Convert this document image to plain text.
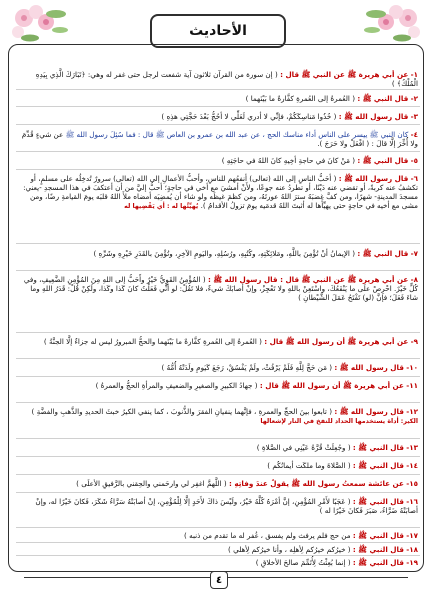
الأحاديث
١- عن أبي هريرة ﷺ عن النبي ﷺ قال : ( إن سورة من القرآن ثلاثون آية شفعت لرجل حتى غفر له وهي: ﴿تَبَارَكَ الَّذِي بِيَدِهِ الْمُلْكُ﴾ )
٢- قال النبي ﷺ : ( العُمرةُ إلى العُمرةِ كفَّارةٌ ما بَيْنَهما )
٣- قال رسول الله ﷺ : ( خُذُوا مَناسِكَكُمْ، فإنِّي لا أدري لَعَلِّي لا أحُجُّ بَعْدَ حَجَّتِي هذِهِ )
٤- كان النبي ﷺ ييسر على الناس أداء مناسك الحج ، عن عبد الله بن عمرو بن العاص ﷺ قال : فما سُئِلَ رسول الله ﷺ عن شيءٍ قُدِّمَ ولا أُخِّرَ إلَّا قالَ : ( افْعَلْ ولا حَرَجَ ).
٥- قال النبي ﷺ : ( مَنْ كانَ في حاجةِ أخِيهِ كانَ اللهُ في حاجَتِهِ )
٦- قال رسول الله ﷺ : ( أحَبُّ الناسِ إلى الله (تعالى) أنفعُهم للناسِ، وأحبُّ الأعمالِ إلى الله (تعالى) سرورٌ تُدخِلُه على مسلمٍ، أو تكشفُ عنه كربةً، أو تقضي عنه دَيْنًا، أو تطردُ عنه جوعًا، ولأَنْ أمشيَ مع أخي في حاجةٍ؛ أحبُّ إليَّ من أن أعتكفَ في هذا المسجدِ -يعني: مسجدَ المدينةِ- شهرًا، ومن كفَّ غضبَهُ سترَ اللهُ عورتَهُ، ومن كظمَ غيظَه ولو شاء أن يُمضِيَه أمضاه ملأَ اللهُ قلبَه يومَ القيامةِ رضًا، ومن مشى مع أخيه في حاجةٍ حتى يهيِّأَها له أثبتَ اللهُ قدمَيه يومَ تزولُ الأقدامُ ). يُهيِّئُها له : أي يَقْضِيها له
٧- قال النبي ﷺ : ( الإيمانُ أنْ تُؤْمِنَ باللَّهِ، ومَلائِكَتِهِ، وكُتُبِهِ، ورُسُلِهِ، واليَومِ الآخِرِ، وتُؤْمِنَ بالقَدَرِ خَيْرِهِ وشَرِّهِ )
٨- عن أبي هريرة ﷺ عن النبي ﷺ قال : قال رسول الله ﷺ : ( المُؤْمِنُ القَوِيُّ خَيْرٌ وأَحَبُّ إلى اللهِ مِنَ المُؤْمِنِ الضَّعِيفِ، وفي كُلٍّ خَيْرٌ. احْرِصْ علَى ما يَنْفَعُكَ، واسْتَعِنْ باللهِ ولا تَعْجِزْ، وإنْ أصابَكَ شيءٌ، فلا تَقُلْ: لو أنِّي فَعَلْتُ كانَ كَذا وكَذا، ولَكِنْ قُلْ: قَدَرُ اللهِ وما شاءَ فَعَلَ؛ فإنَّ (لو) تَفْتَحُ عَمَلَ الشَّيْطانِ )
٩- عن أبي هريرة ﷺ أن رسول الله ﷺ قال : ( العُمرةُ إلى العُمرةِ كفَّارةٌ ما بَيْنَهما والحجُّ المبرورُ ليس له جزاءٌ إلَّا الجنَّةُ )
١٠- قال رسول الله ﷺ : ( مَن حَجَّ لِلَّهِ فَلَمْ يَرْفُثْ، ولَمْ يَفْسُقْ، رَجَعَ كَيَومِ ولَدَتْهُ أُمُّهُ )
١١- عن أبي هريرة ﷺ أن رسول الله ﷺ قال : ( جهادُ الكبيرِ والصغيرِ والضعيفِ والمرأةِ الحجُّ والعمرةُ )
١٢- قال رسول الله ﷺ : ( تابعوا بينَ الحجِّ والعمرةِ ، فإنَّهما ينفيانِ الفقرَ والذُّنوبَ ، كما ينفي الكيرُ خبثَ الحديدِ والذَّهبِ والفضَّةِ ) الكير: أداة يستخدمها الحداد للنفخ في النار لإشعالها
١٣- قال النبي ﷺ : ( وجُعِلَتْ قُرَّةُ عَيْنِي في الصَّلاةِ )
١٤- قال النبي ﷺ : ( الصَّلاةَ وما ملكَت أيمانُكُم )
١٥- عن عائشة سمعتُ رسول الله ﷺ يقولُ عندَ وفاتِهِ : ( اللَّهمَّ اغفِر لي وارحَمني والحِقني بالرَّفيقِ الأعلَى )
١٦- قال النبي ﷺ : ( عَجَبًا لأَمْرِ المُؤْمِنِ، إنَّ أمْرَهُ كُلَّهُ خَيْرٌ، ولَيْسَ ذاكَ لأَحَدٍ إلَّا لِلْمُؤْمِنِ، إنْ أصابَتْهُ سَرَّاءُ شَكَرَ، فَكانَ خَيْرًا له، وإنْ أصابَتْهُ ضَرَّاءُ، صَبَرَ فَكانَ خَيْرًا له )
١٧- قال النبي ﷺ : من حج فلم يرفث ولم يفسق ، غُفر له ما تقدم من ذنبه )
١٨- قال النبي ﷺ : ( خيرُكم خيرُكم لِأهلِه ، وأنا خيرُكم لِأهلي )
١٩- قال النبي ﷺ : ( إنما بُعِثْتُ لِأُتَمِّمَ صالحَ الأخلاقِ )
٤
